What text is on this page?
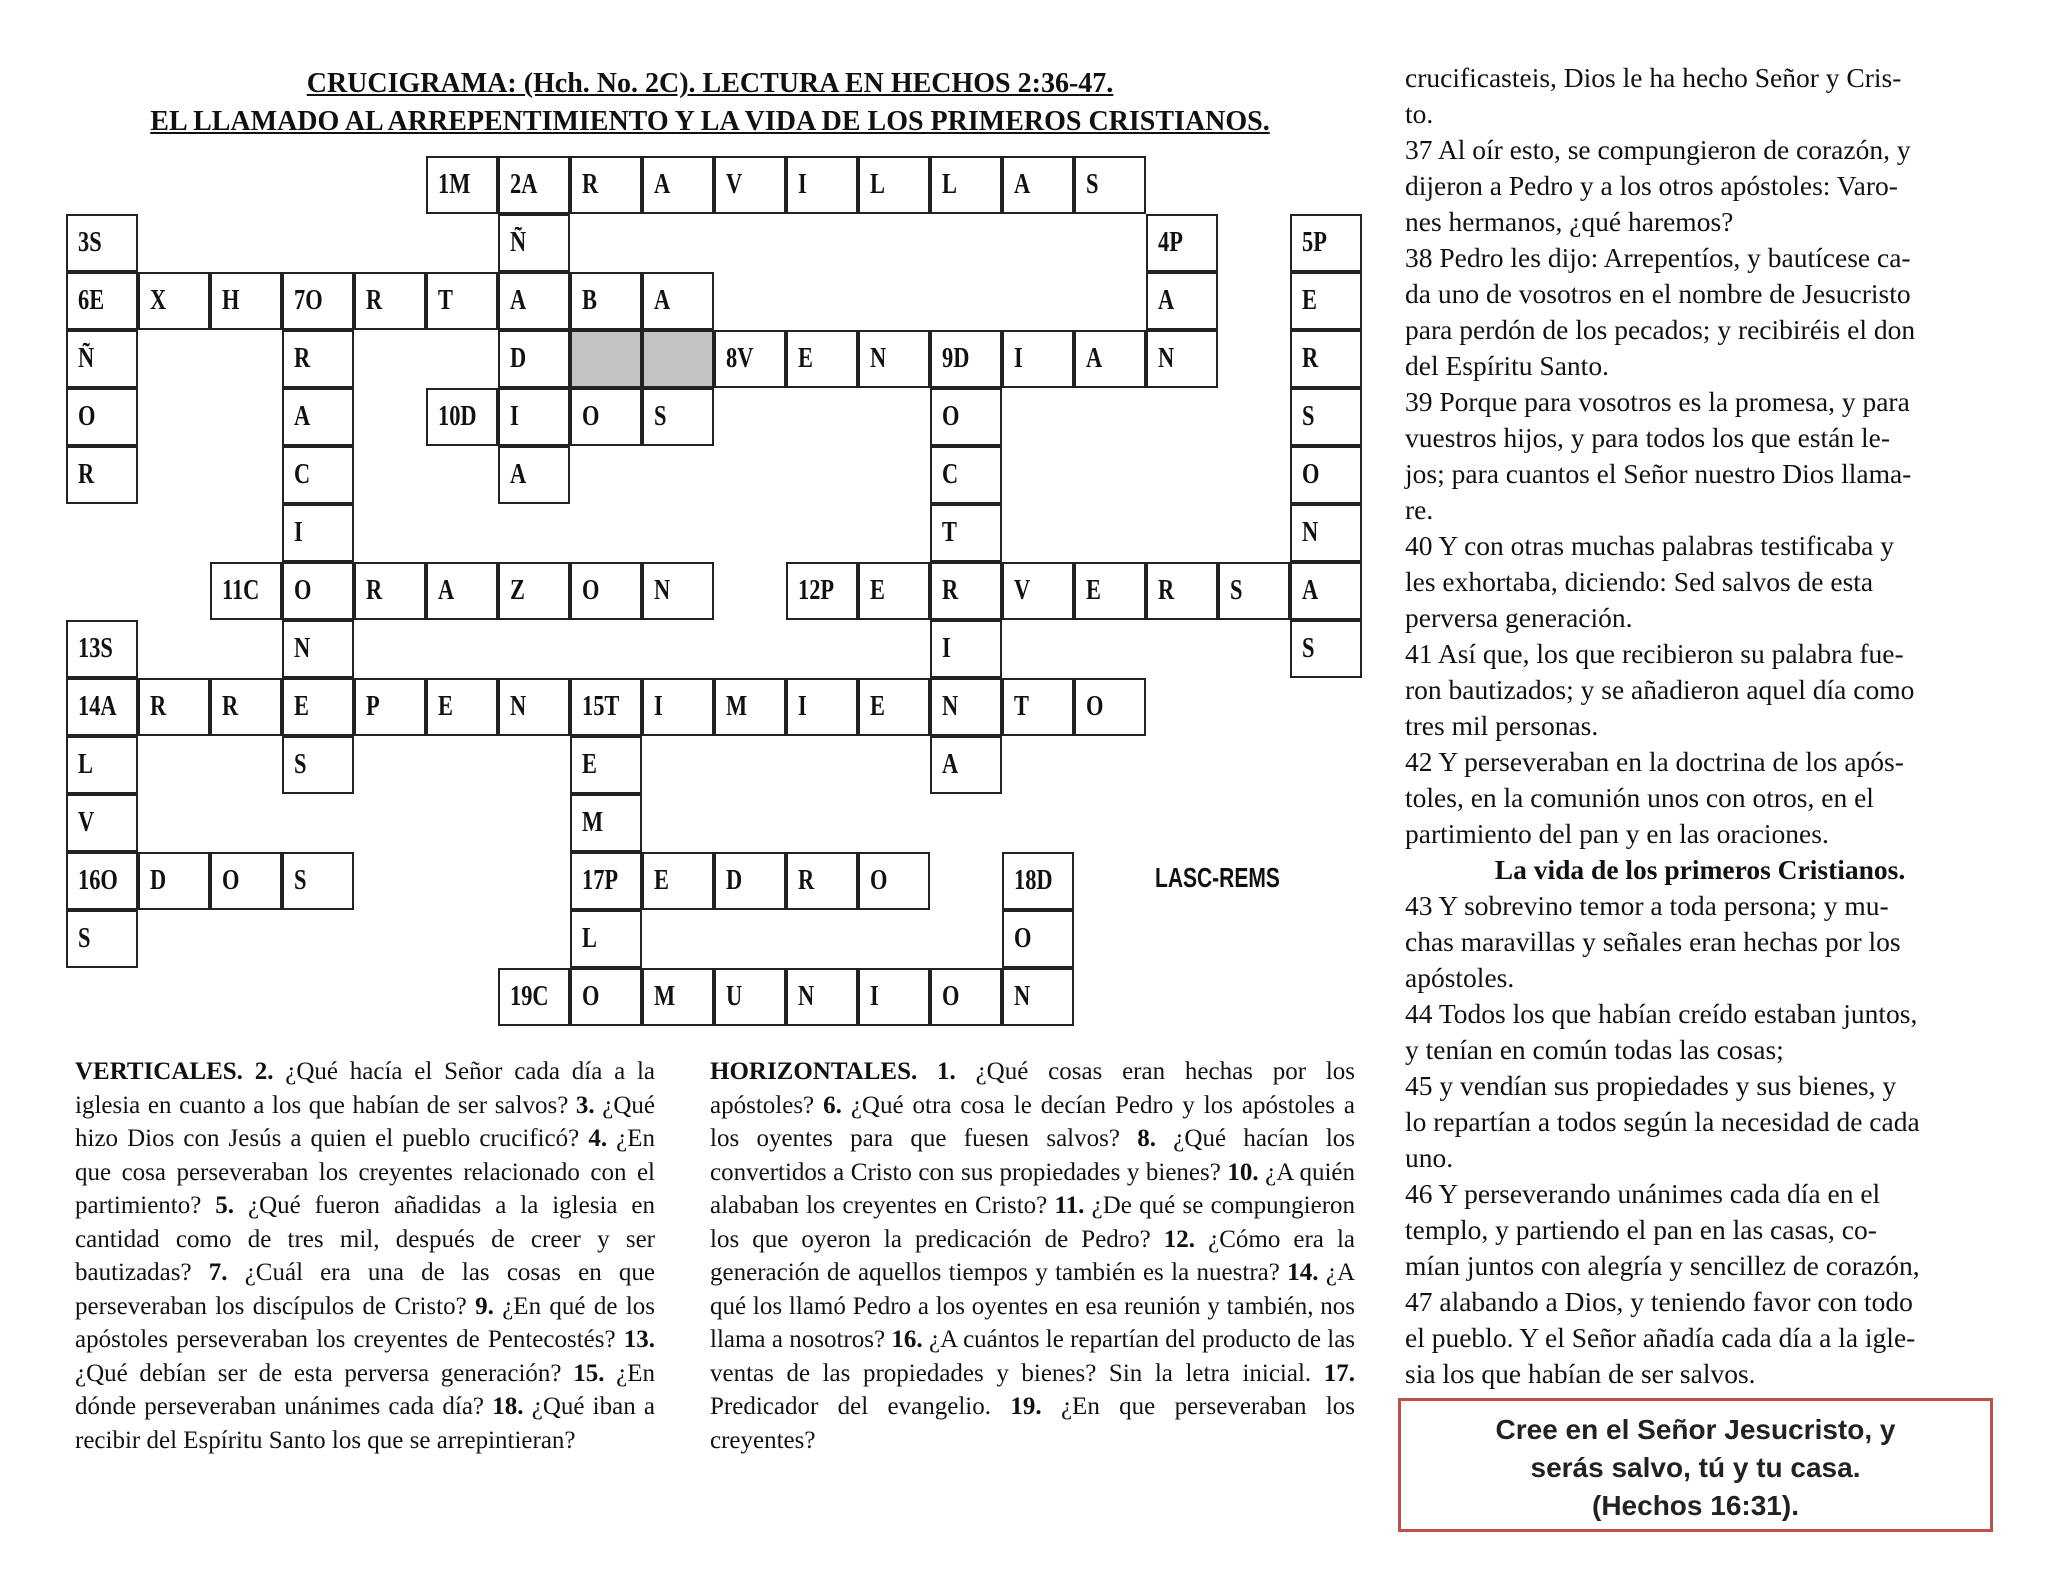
CRUCIGRAMA: (Hch. No. 2C). LECTURA EN HECHOS 2:36-47.
EL LLAMADO AL ARREPENTIMIENTO Y LA VIDA DE LOS PRIMEROS CRISTIANOS.
1M 2A R A V I L L A S
3S	Ñ	4P	5P
6E X H 7O R T A B A	A	E
Ñ	R	D	8V E N 9D I A N	R
O	A	10D I O S	O	S
R	C	A	C	O
I	T	N
11C O R A Z O N	12P E R V E R S A
13S	N	I	S
14A R R E P E N 15T I M I E N T O
L	S	E	A
V	M
16O D O S	17P E D R O	18D
S	L	O
19C O M U N I O N
LASC-REMS
VERTICALES. 2. ¿Qué hacía el Señor cada día a la iglesia en cuanto a los que habían de ser salvos? 3. ¿Qué hizo Dios con Jesús a quien el pueblo crucificó? 4. ¿En que cosa perseveraban los creyentes relacionado con el partimiento? 5. ¿Qué fueron añadidas a la iglesia en cantidad como de tres mil, después de creer y ser bautizadas? 7. ¿Cuál era una de las cosas en que perseveraban los discípulos de Cristo? 9. ¿En qué de los apóstoles perseveraban los creyentes de Pentecostés? 13. ¿Qué debían ser de esta perversa generación? 15. ¿En dónde perseveraban unánimes cada día? 18. ¿Qué iban a recibir del Espíritu Santo los que se arrepintieran?
HORIZONTALES. 1. ¿Qué cosas eran hechas por los apóstoles? 6. ¿Qué otra cosa le decían Pedro y los apóstoles a los oyentes para que fuesen salvos? 8. ¿Qué hacían los convertidos a Cristo con sus propiedades y bienes? 10. ¿A quién alababan los creyentes en Cristo? 11. ¿De qué se compungieron los que oyeron la predicación de Pedro? 12. ¿Cómo era la generación de aquellos tiempos y también es la nuestra? 14. ¿A qué los llamó Pedro a los oyentes en esa reunión y también, nos llama a nosotros? 16. ¿A cuántos le repartían del producto de las ventas de las propiedades y bienes? Sin la letra inicial. 17. Predicador del evangelio. 19. ¿En que perseveraban los creyentes?

crucificasteis, Dios le ha hecho Señor y Cris-

to.

37 Al oír esto, se compungieron de corazón, y

dijeron a Pedro y a los otros apóstoles: Varo-

nes hermanos, ¿qué haremos?

38 Pedro les dijo: Arrepentíos, y bautícese ca-

da uno de vosotros en el nombre de Jesucristo

para perdón de los pecados; y recibiréis el don

del Espíritu Santo.

39 Porque para vosotros es la promesa, y para

vuestros hijos, y para todos los que están le-

jos; para cuantos el Señor nuestro Dios llama-

re.

40 Y con otras muchas palabras testificaba y

les exhortaba, diciendo: Sed salvos de esta

perversa generación.

41 Así que, los que recibieron su palabra fue-

ron bautizados; y se añadieron aquel día como

tres mil personas.

42 Y perseveraban en la doctrina de los após-

toles, en la comunión unos con otros, en el

partimiento del pan y en las oraciones.

La vida de los primeros Cristianos.

43 Y sobrevino temor a toda persona; y mu-

chas maravillas y señales eran hechas por los

apóstoles.

44 Todos los que habían creído estaban juntos,

y tenían en común todas las cosas;

45 y vendían sus propiedades y sus bienes, y

lo repartían a todos según la necesidad de cada

uno.

46 Y perseverando unánimes cada día en el

templo, y partiendo el pan en las casas, co-

mían juntos con alegría y sencillez de corazón,

47 alabando a Dios, y teniendo favor con todo

el pueblo. Y el Señor añadía cada día a la igle-

sia los que habían de ser salvos.

Cree en el Señor Jesucristo, y
serás salvo, tú y tu casa.
(Hechos 16:31).
